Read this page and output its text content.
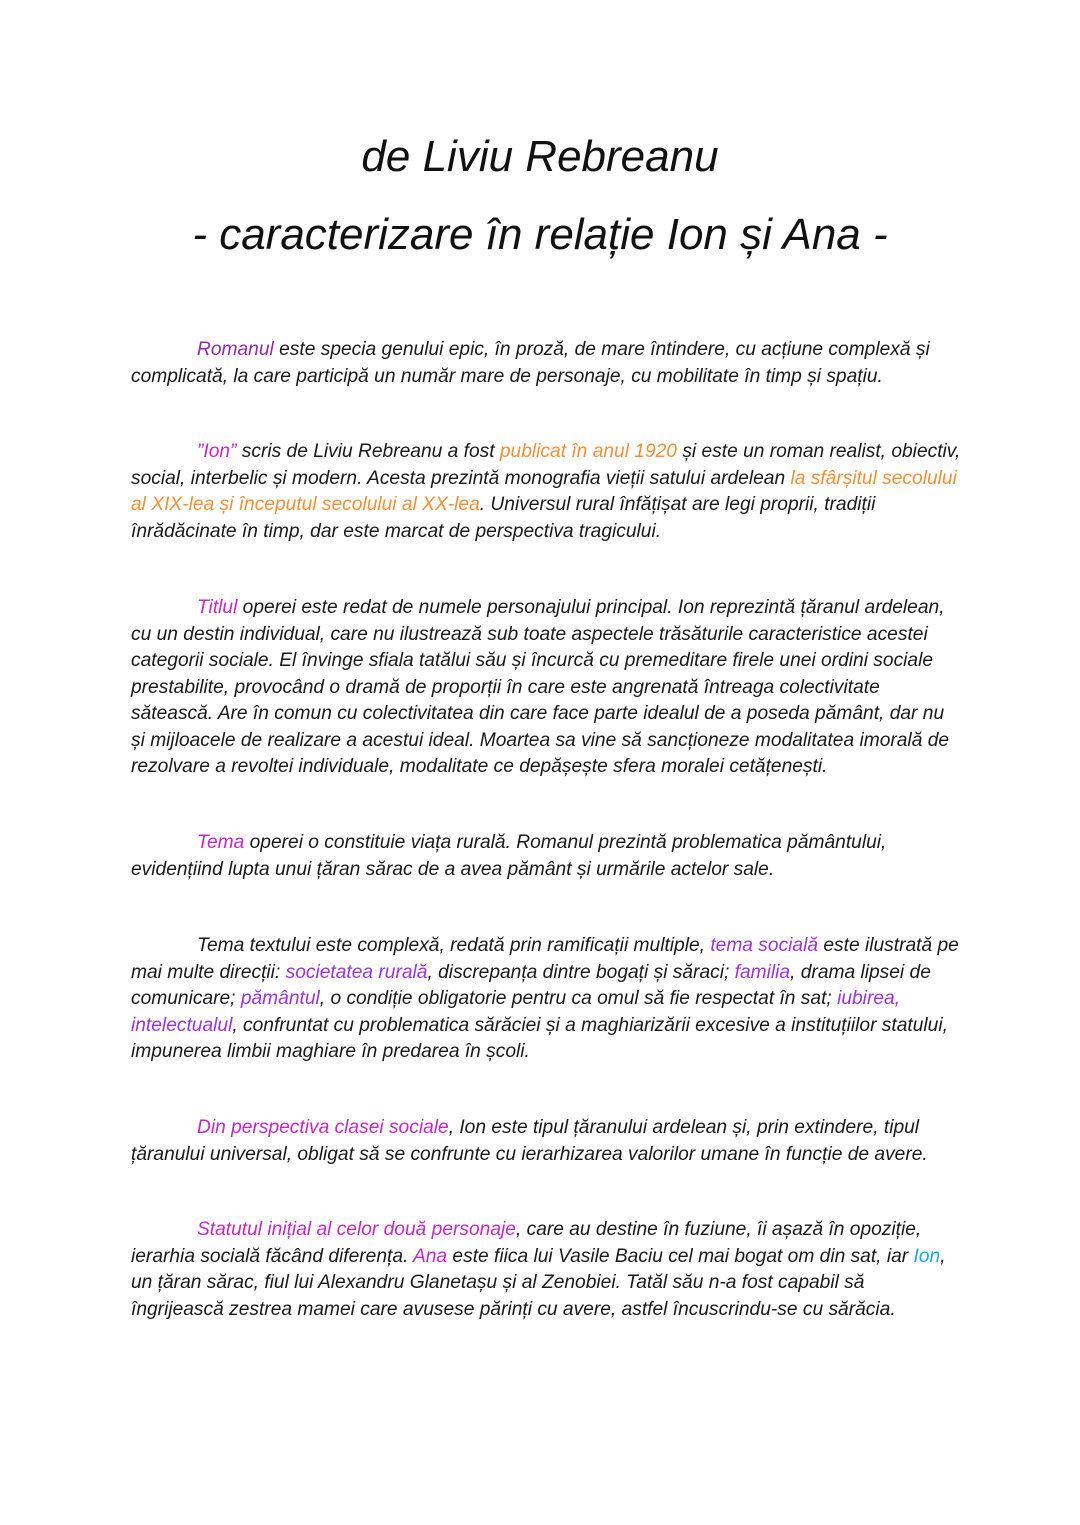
de Liviu Rebreanu
- caracterizare în relație Ion și Ana -

Romanul este specia genului epic, în proză, de mare întindere, cu acțiune complexă și complicată, la care participă un număr mare de personaje, cu mobilitate în timp și spațiu.

”Ion” scris de Liviu Rebreanu a fost publicat în anul 1920 și este un roman realist, obiectiv, social, interbelic și modern. Acesta prezintă monografia vieții satului ardelean la sfârșitul secolului al XIX-lea și începutul secolului al XX-lea. Universul rural înfățișat are legi proprii, tradiții înrădăcinate în timp, dar este marcat de perspectiva tragicului.

Titlul operei este redat de numele personajului principal. Ion reprezintă țăranul ardelean, cu un destin individual, care nu ilustrează sub toate aspectele trăsăturile caracteristice acestei categorii sociale. El învinge sfiala tatălui său și încurcă cu premeditare firele unei ordini sociale prestabilite, provocând o dramă de proporții în care este angrenată întreaga colectivitate sătească. Are în comun cu colectivitatea din care face parte idealul de a poseda pământ, dar nu și mijloacele de realizare a acestui ideal. Moartea sa vine să sancționeze modalitatea imorală de rezolvare a revoltei individuale, modalitate ce depășește sfera moralei cetățenești.

Tema operei o constituie viața rurală. Romanul prezintă problematica pământului, evidențiind lupta unui țăran sărac de a avea pământ și urmările actelor sale.

Tema textului este complexă, redată prin ramificații multiple, tema socială este ilustrată pe mai multe direcții: societatea rurală, discrepanța dintre bogați și săraci; familia, drama lipsei de comunicare; pământul, o condiție obligatorie pentru ca omul să fie respectat în sat; iubirea, intelectualul, confruntat cu problematica sărăciei și a maghiarizării excesive a instituțiilor statului, impunerea limbii maghiare în predarea în școli.

Din perspectiva clasei sociale, Ion este tipul țăranului ardelean și, prin extindere, tipul țăranului universal, obligat să se confrunte cu ierarhizarea valorilor umane în funcție de avere.

Statutul inițial al celor două personaje, care au destine în fuziune, îi așază în opoziție, ierarhia socială făcând diferența. Ana este fiica lui Vasile Baciu cel mai bogat om din sat, iar Ion, un țăran sărac, fiul lui Alexandru Glanetașu și al Zenobiei. Tatăl său n-a fost capabil să îngrijească zestrea mamei care avusese părinți cu avere, astfel încuscrindu-se cu sărăcia.
